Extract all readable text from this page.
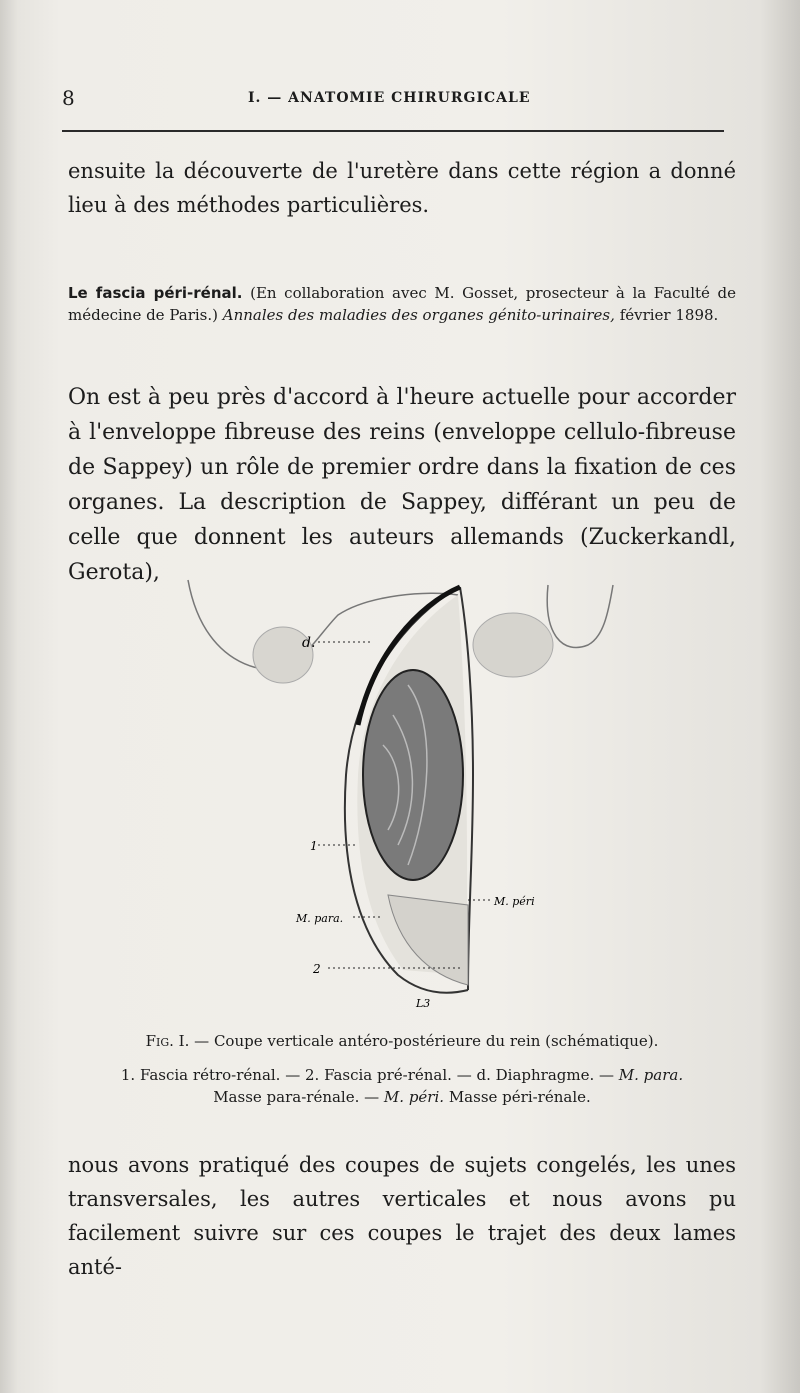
8	I. — ANATOMIE CHIRURGICALE
ensuite la découverte de l'uretère dans cette région a donné lieu à des méthodes particulières.
Le fascia péri-rénal. (En collaboration avec M. Gosset, prosecteur à la Faculté de médecine de Paris.) Annales des maladies des organes génito-urinaires, février 1898.
On est à peu près d'accord à l'heure actuelle pour accorder à l'enveloppe fibreuse des reins (enveloppe cellulo-fibreuse de Sappey) un rôle de premier ordre dans la fixation de ces organes. La description de Sappey, différant un peu de celle que donnent les auteurs allemands (Zuckerkandl, Gerota),
d.
1
M. para.
M. péri
2
L3
Fig. I. — Coupe verticale antéro-postérieure du rein (schématique).
1. Fascia rétro-rénal. — 2. Fascia pré-rénal. — d. Diaphragme. — M. para.
Masse para-rénale. — M. péri. Masse péri-rénale.
nous avons pratiqué des coupes de sujets congelés, les unes transversales, les autres verticales et nous avons pu facilement suivre sur ces coupes le trajet des deux lames anté-
